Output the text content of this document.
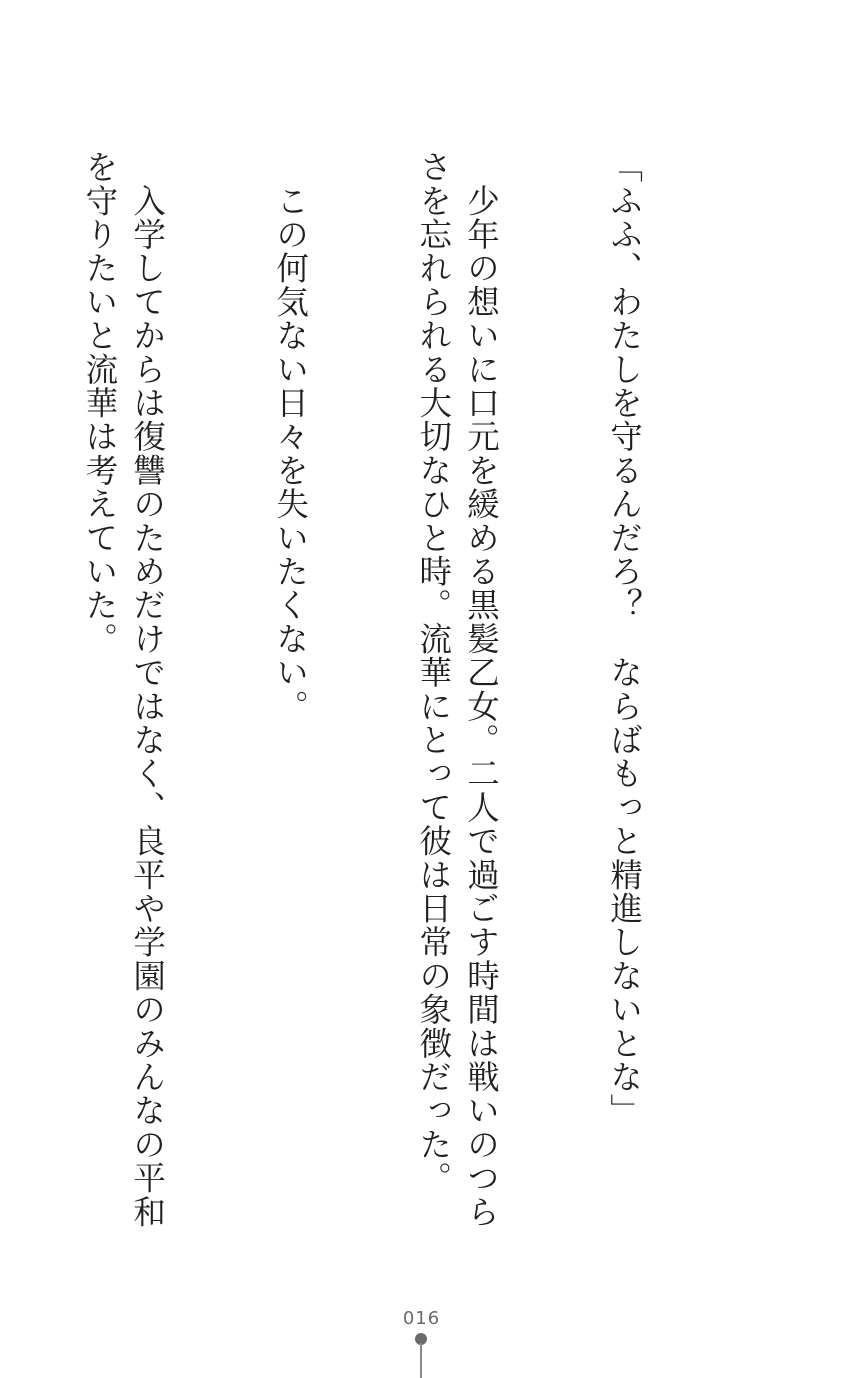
「ふふ、わたしを守るんだろ？　ならばもっと精進しないとな」

　少年の想いに口元を緩める黒髪乙女。二人で過ごす時間は戦いのつらさを忘れられる大切なひと時。流華にとって彼は日常の象徴だった。

　この何気ない日々を失いたくない。

　入学してからは復讐のためだけではなく、良平や学園のみんなの平和を守りたいと流華は考えていた。

016
